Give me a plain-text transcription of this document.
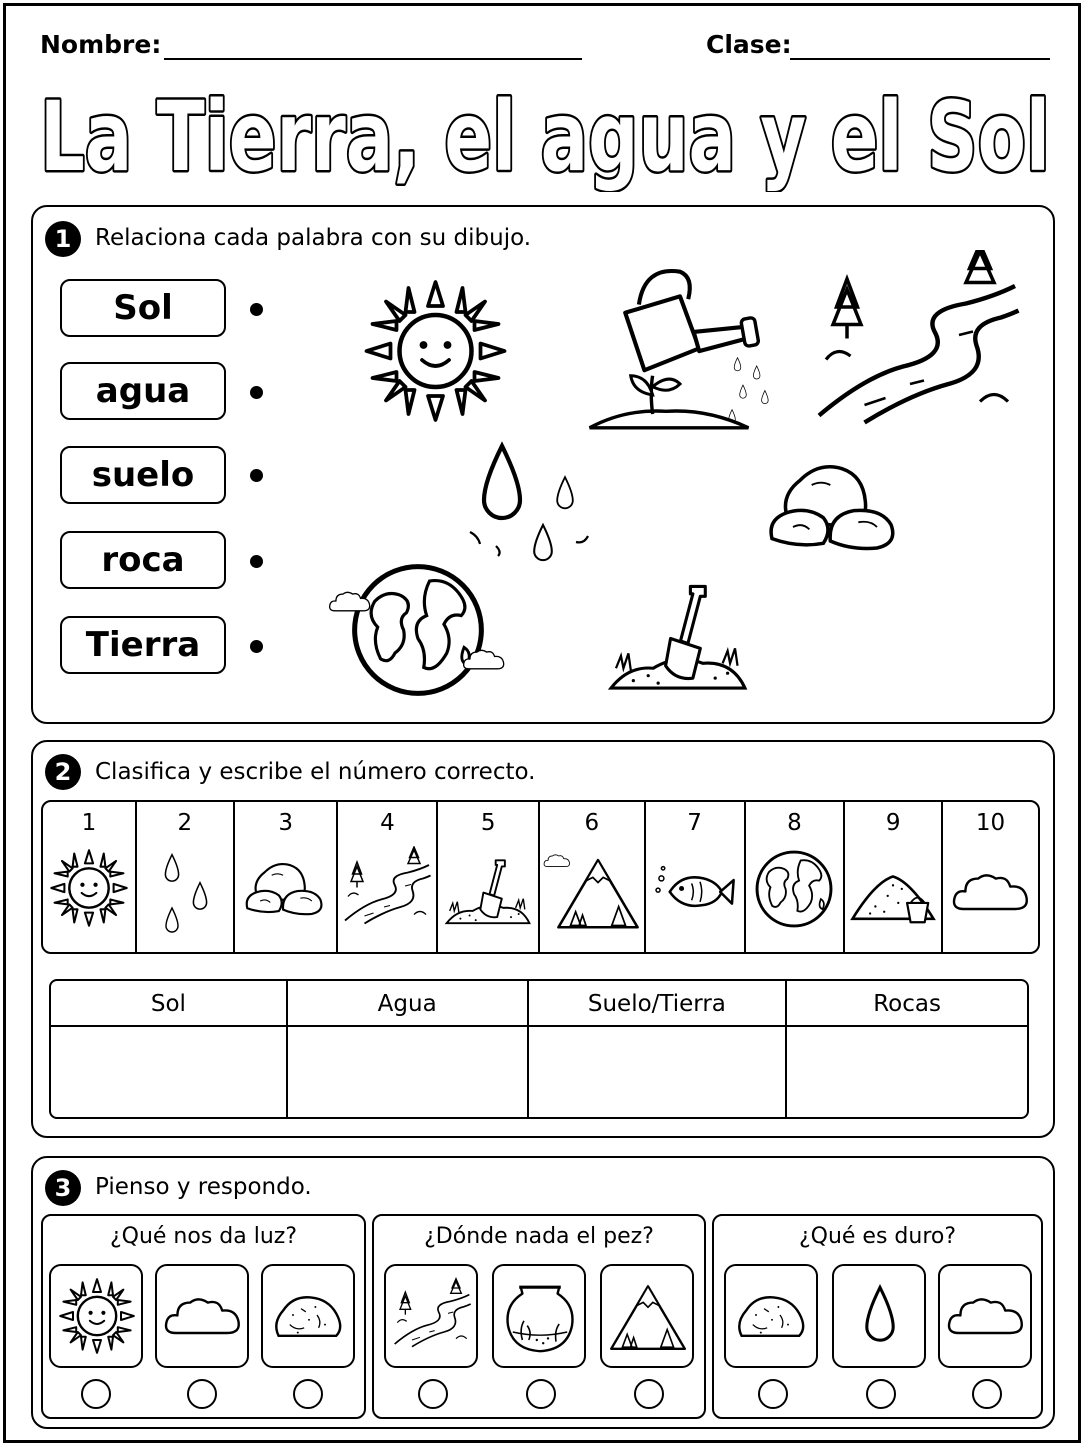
Nombre:	Clase:
La Tierra, el agua y el Sol
1	Relaciona cada palabra con su dibujo.
Sol
agua
suelo
roca
Tierra
2	Clasifica y escribe el número correcto.
1	2	3	4	5	6	7	8	9	10
Sol	Agua	Suelo/Tierra	Rocas
3	Pienso y respondo.
¿Qué nos da luz?	¿Dónde nada el pez?	¿Qué es duro?
